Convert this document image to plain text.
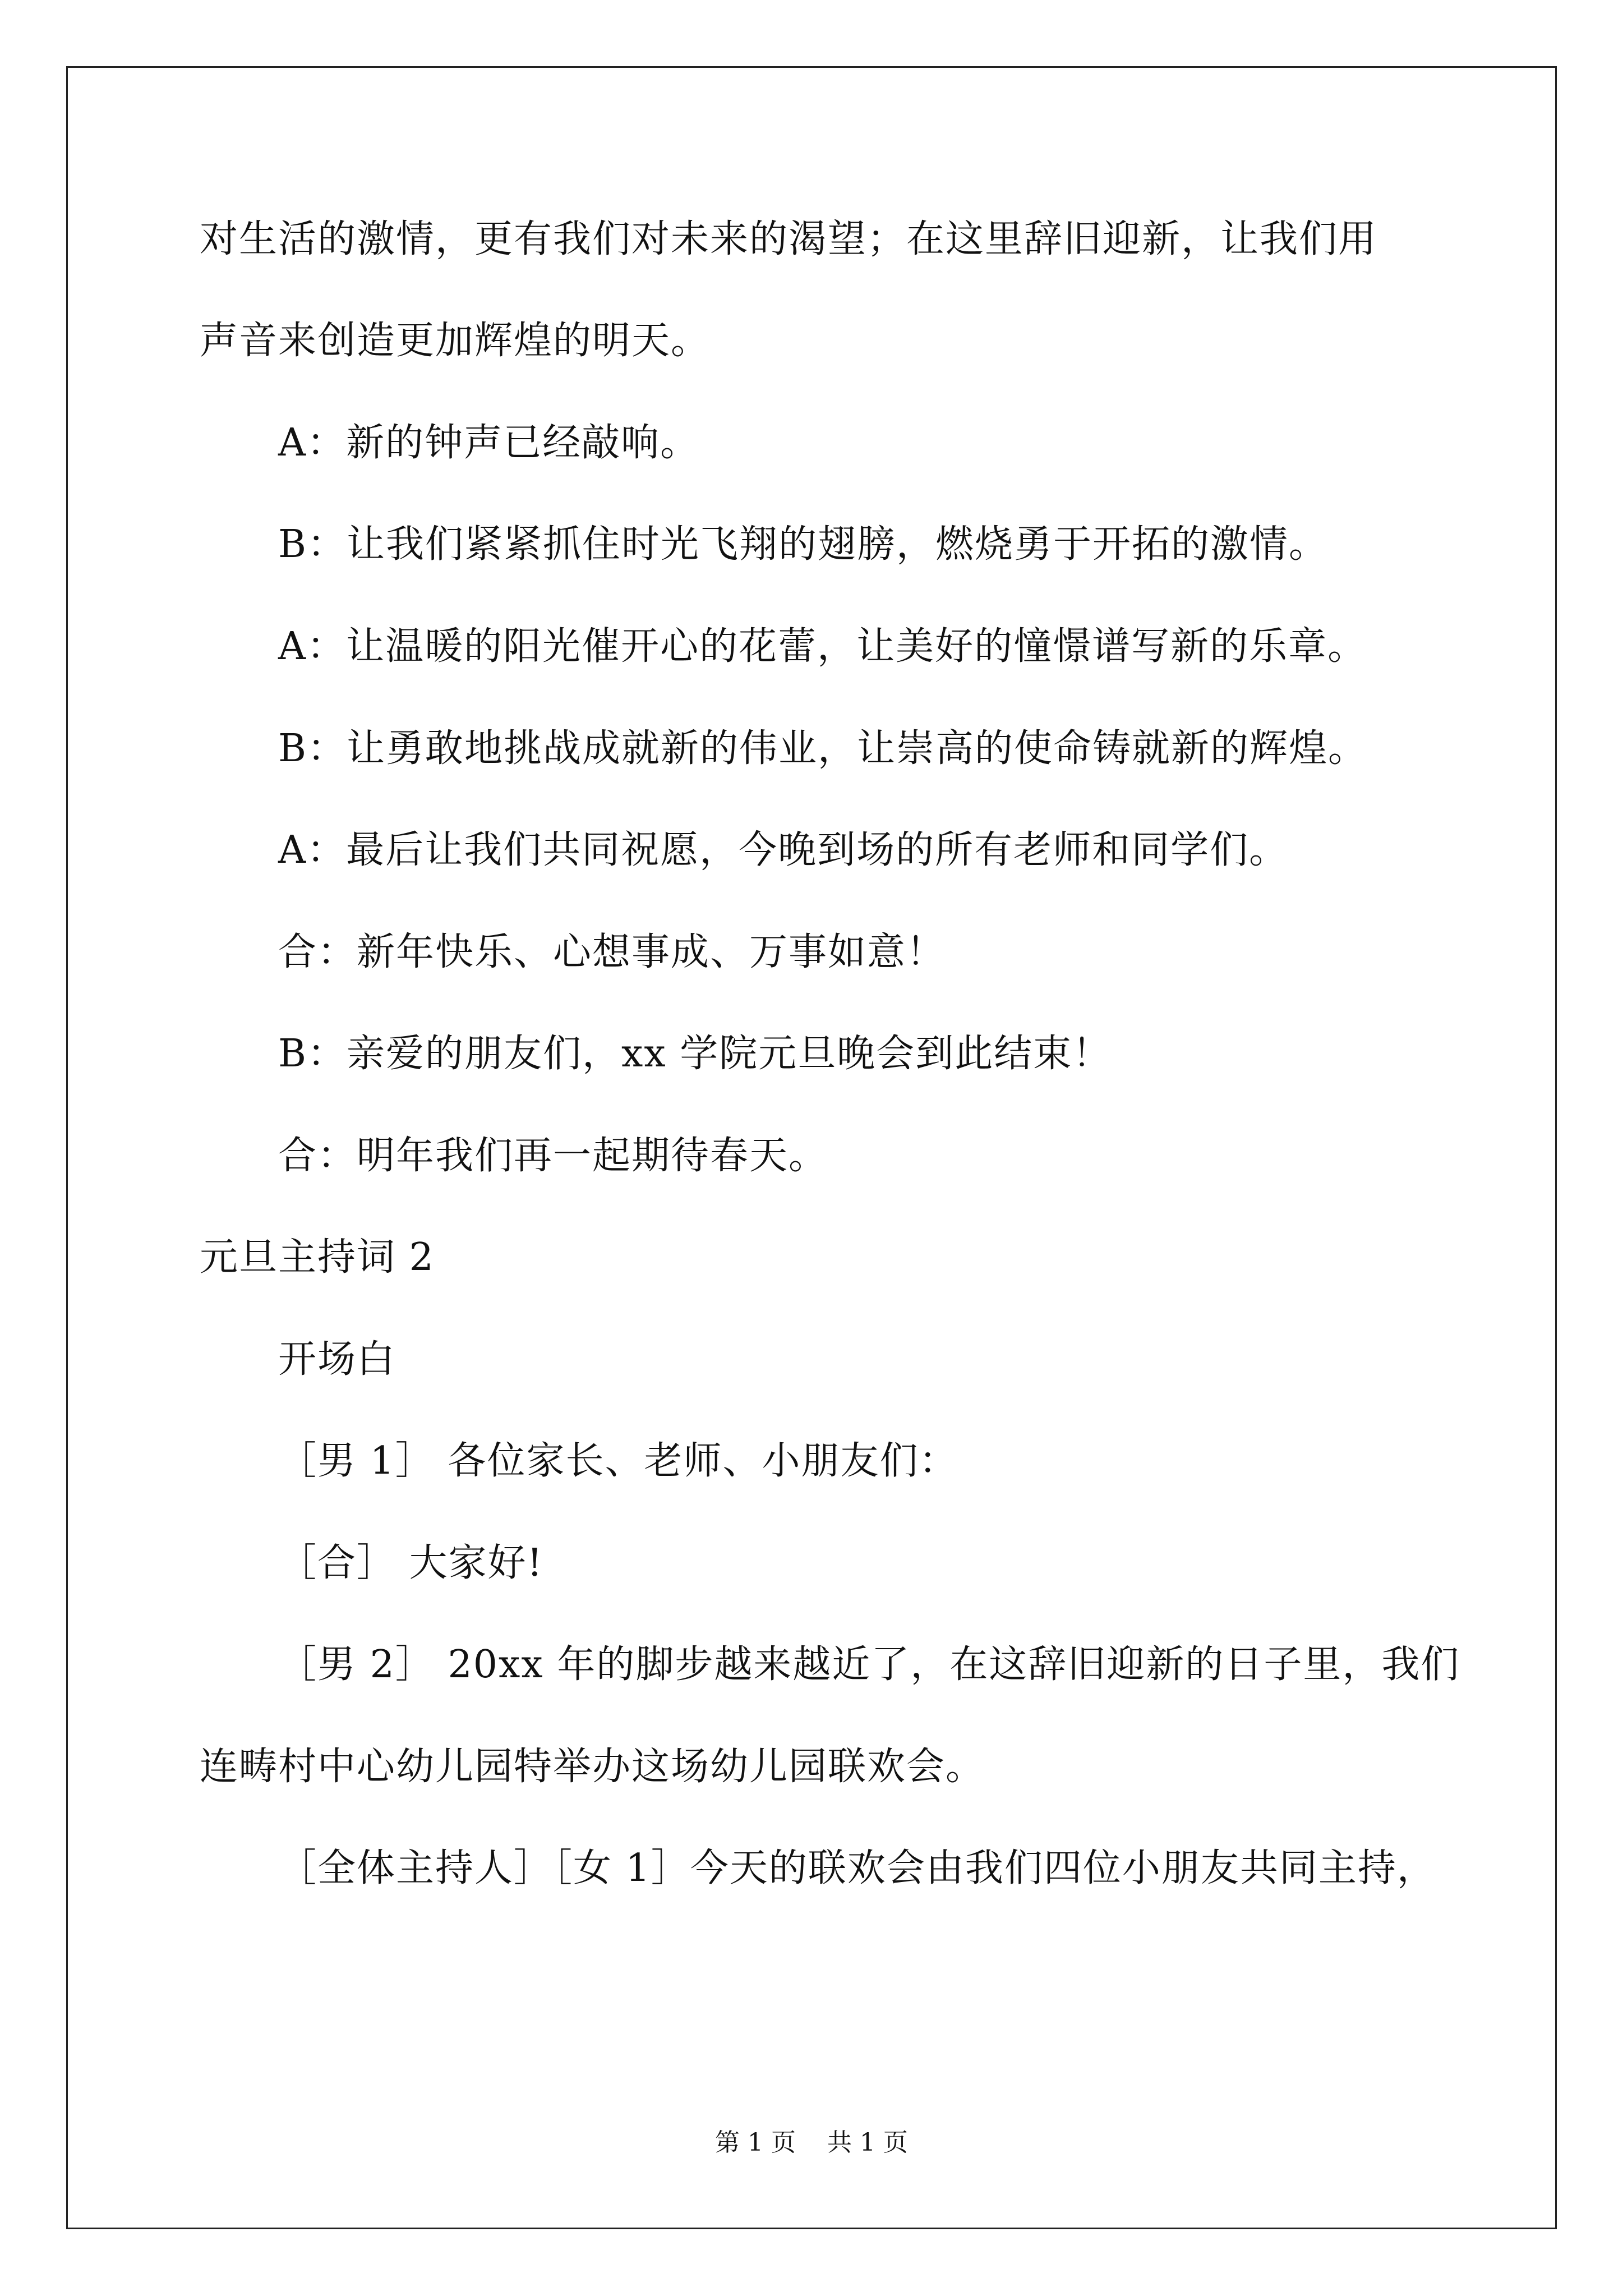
对生活的激情，更有我们对未来的渴望；在这里辞旧迎新，让我们用
声音来创造更加辉煌的明天。
A：新的钟声已经敲响。
B：让我们紧紧抓住时光飞翔的翅膀，燃烧勇于开拓的激情。
A：让温暖的阳光催开心的花蕾，让美好的憧憬谱写新的乐章。
B：让勇敢地挑战成就新的伟业，让崇高的使命铸就新的辉煌。
A：最后让我们共同祝愿，今晚到场的所有老师和同学们。
合：新年快乐、心想事成、万事如意！
B：亲爱的朋友们，xx 学院元旦晚会到此结束！
合：明年我们再一起期待春天。
元旦主持词 2
开场白
［男 1］ 各位家长、老师、小朋友们：
［合］ 大家好!
［男 2］ 20xx 年的脚步越来越近了，在这辞旧迎新的日子里，我们
连畴村中心幼儿园特举办这场幼儿园联欢会。
［全体主持人］［女 1］今天的联欢会由我们四位小朋友共同主持，
第 1 页    共 1 页
